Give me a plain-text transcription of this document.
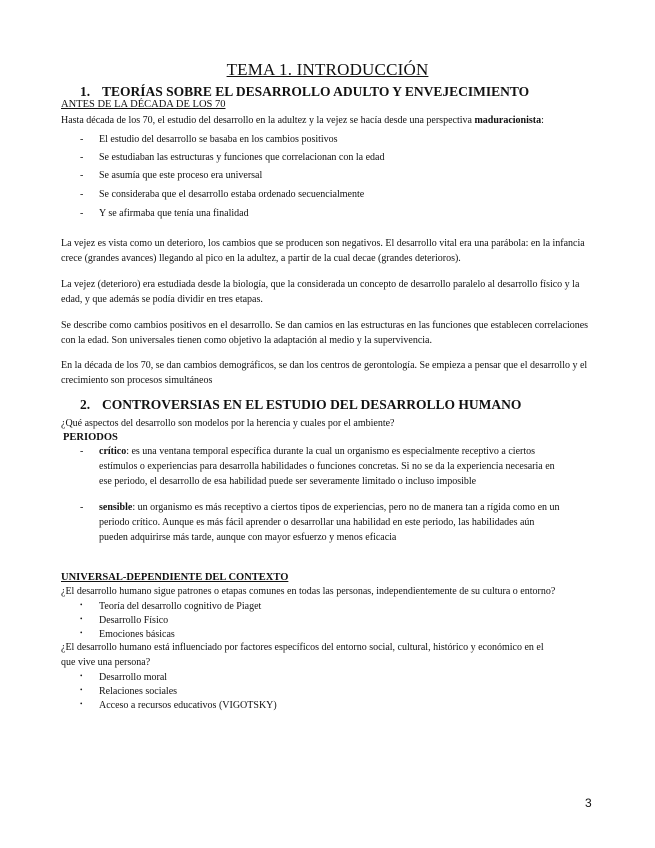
TEMA 1. INTRODUCCIÓN
1. TEORÍAS SOBRE EL DESARROLLO ADULTO Y ENVEJECIMIENTO
ANTES DE LA DÉCADA DE LOS 70
Hasta década de los 70, el estudio del desarrollo en la adultez y la vejez se hacía desde una perspectiva maduracionista:
- El estudio del desarrollo se basaba en los cambios positivos
- Se estudiaban las estructuras y funciones que correlacionan con la edad
- Se asumía que este proceso era universal
- Se consideraba que el desarrollo estaba ordenado secuencialmente
- Y se afirmaba que tenía una finalidad
La vejez es vista como un deterioro, los cambios que se producen son negativos. El desarrollo vital era una parábola: en la infancia crece (grandes avances) llegando al pico en la adultez, a partir de la cual decae (grandes deterioros).
La vejez (deterioro) era estudiada desde la biología, que la considerada un concepto de desarrollo paralelo al desarrollo físico y la edad, y que además se podía dividir en tres etapas.
Se describe como cambios positivos en el desarrollo. Se dan camios en las estructuras en las funciones que establecen correlaciones con la edad. Son universales tienen como objetivo la adaptación al medio y la supervivencia.
En la década de los 70, se dan cambios demográficos, se dan los centros de gerontología. Se empieza a pensar que el desarrollo y el crecimiento son procesos simultáneos
2. CONTROVERSIAS EN EL ESTUDIO DEL DESARROLLO HUMANO
¿Qué aspectos del desarrollo son modelos por la herencia y cuales por el ambiente?
PERIODOS
- crítico: es una ventana temporal específica durante la cual un organismo es especialmente receptivo a ciertos
estímulos o experiencias para desarrolla habilidades o funciones concretas. Si no se da la experiencia necesaria en
ese periodo, el desarrollo de esa habilidad puede ser severamente limitado o incluso imposible
- sensible: un organismo es más receptivo a ciertos tipos de experiencias, pero no de manera tan a rígida como en un
periodo crítico. Aunque es más fácil aprender o desarrollar una habilidad en este periodo, las habilidades aún
pueden adquirirse más tarde, aunque con mayor esfuerzo y menos eficacia
UNIVERSAL-DEPENDIENTE DEL CONTEXTO
¿El desarrollo humano sigue patrones o etapas comunes en todas las personas, independientemente de su cultura o entorno?
• Teoría del desarrollo cognitivo de Piaget
• Desarrollo Físico
• Emociones básicas
¿El desarrollo humano está influenciado por factores específicos del entorno social, cultural, histórico y económico en el
que vive una persona?
• Desarrollo moral
• Relaciones sociales
• Acceso a recursos educativos (VIGOTSKY)
3
